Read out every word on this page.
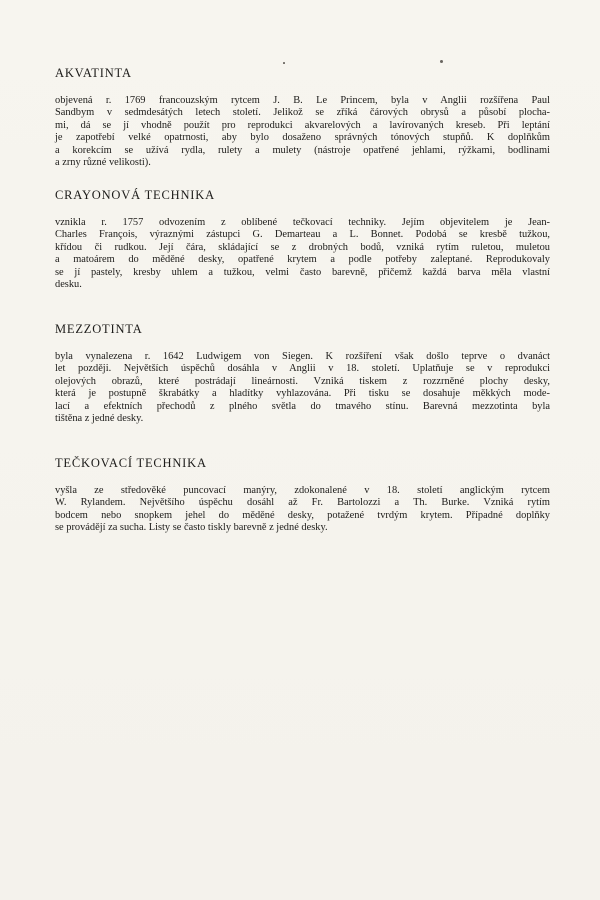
AKVATINTA
objevená r. 1769 francouzským rytcem J. B. Le Princem, byla v Anglii rozšířena Paul
Sandbym v sedmdesátých letech století. Jelikož se zříká čárových obrysů a působí plocha-
mi, dá se jí vhodně použít pro reprodukci akvarelových a lavírovaných kreseb. Při leptání
je zapotřebí velké opatrnosti, aby bylo dosaženo správných tónových stupňů. K doplňkům
a korekcím se užívá rydla, rulety a mulety (nástroje opatřené jehlami, rýžkami, bodlinami
a zrny různé velikosti).
CRAYONOVÁ TECHNIKA
vznikla r. 1757 odvozením z oblíbené tečkovací techniky. Jejím objevitelem je Jean-
Charles François, výraznými zástupci G. Demarteau a L. Bonnet. Podobá se kresbě tužkou,
křídou či rudkou. Její čára, skládající se z drobných bodů, vzniká rytím ruletou, muletou
a matoárem do měděné desky, opatřené krytem a podle potřeby zaleptané. Reprodukovaly
se jí pastely, kresby uhlem a tužkou, velmi často barevně, přičemž každá barva měla vlastní
desku.
MEZZOTINTA
byla vynalezena r. 1642 Ludwigem von Siegen. K rozšíření však došlo teprve o dvanáct
let později. Největších úspěchů dosáhla v Anglii v 18. století. Uplatňuje se v reprodukci
olejových obrazů, které postrádají lineárnosti. Vzniká tiskem z rozzrněné plochy desky,
která je postupně škrabátky a hladítky vyhlazována. Při tisku se dosahuje měkkých mode-
lací a efektních přechodů z plného světla do tmavého stínu. Barevná mezzotinta byla
tištěna z jedné desky.
TEČKOVACÍ TECHNIKA
vyšla ze středověké puncovací manýry, zdokonalené v 18. století anglickým rytcem
W. Rylandem. Největšího úspěchu dosáhl až Fr. Bartolozzi a Th. Burke. Vzniká rytím
bodcem nebo snopkem jehel do měděné desky, potažené tvrdým krytem. Případné doplňky
se provádějí za sucha. Listy se často tiskly barevně z jedné desky.
